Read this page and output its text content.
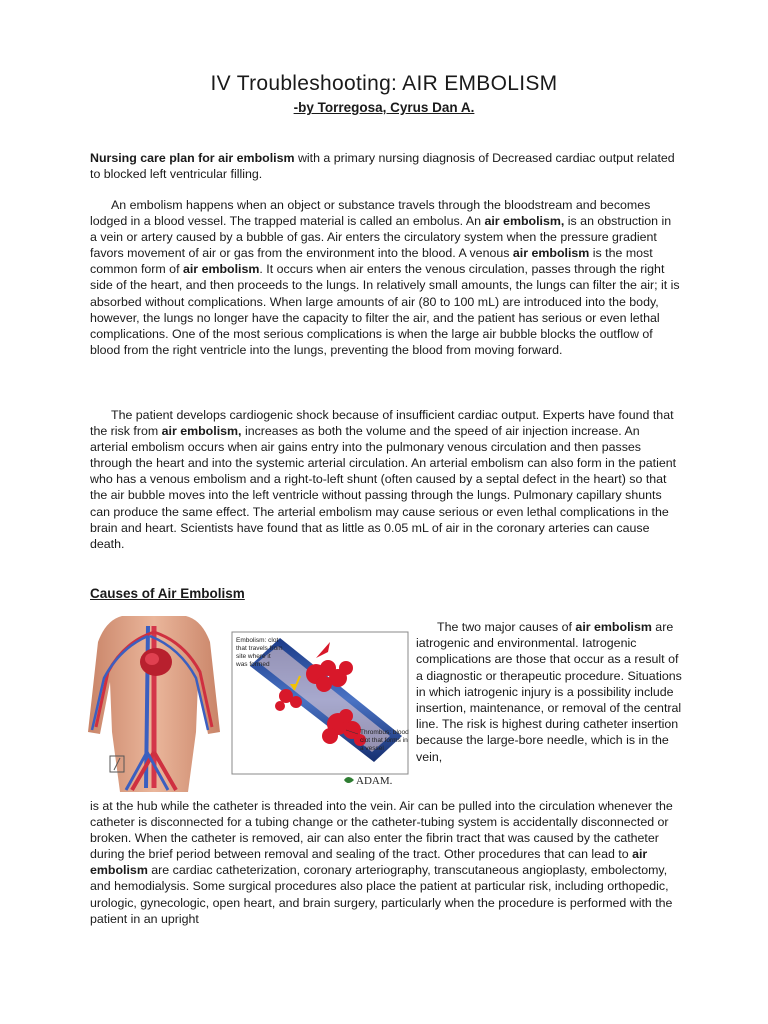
IV Troubleshooting: AIR EMBOLISM

-by Torregosa, Cyrus Dan A.

Nursing care plan for air embolism with a primary nursing diagnosis of Decreased cardiac output related to blocked left ventricular filling.

An embolism happens when an object or substance travels through the bloodstream and becomes lodged in a blood vessel. The trapped material is called an embolus. An air embolism, is an obstruction in a vein or artery caused by a bubble of gas. Air enters the circulatory system when the pressure gradient favors movement of air or gas from the environment into the blood. A venous air embolism is the most common form of air embolism. It occurs when air enters the venous circulation, passes through the right side of the heart, and then proceeds to the lungs. In relatively small amounts, the lungs can filter the air; it is absorbed without complications. When large amounts of air (80 to 100 mL) are introduced into the body, however, the lungs no longer have the capacity to filter the air, and the patient has serious or even lethal complications. One of the most serious complications is when the large air bubble blocks the outflow of blood from the right ventricle into the lungs, preventing the blood from moving forward.

The patient develops cardiogenic shock because of insufficient cardiac output. Experts have found that the risk from air embolism, increases as both the volume and the speed of air injection increase. An arterial embolism occurs when air gains entry into the pulmonary venous circulation and then passes through the heart and into the systemic arterial circulation. An arterial embolism can also form in the patient who has a venous embolism and a right-to-left shunt (often caused by a septal defect in the heart) so that the air bubble moves into the left ventricle without passing through the lungs. Pulmonary capillary shunts can produce the same effect. The arterial embolism may cause serious or even lethal complications in the brain and heart. Scientists have found that as little as 0.05 mL of air in the coronary arteries can cause death.

Causes of Air Embolism
Embolism: clot that travels from site where it was formed
Thrombus: blood clot that forms in a vessel
ADAM.

The two major causes of air embolism are iatrogenic and environmental. Iatrogenic complications are those that occur as a result of a diagnostic or therapeutic procedure. Situations in which iatrogenic injury is a possibility include insertion, maintenance, or removal of the central line. The risk is highest during catheter insertion because the large-bore needle, which is in the vein,

is at the hub while the catheter is threaded into the vein. Air can be pulled into the circulation whenever the catheter is disconnected for a tubing change or the catheter-tubing system is accidentally disconnected or broken. When the catheter is removed, air can also enter the fibrin tract that was caused by the catheter during the brief period between removal and sealing of the tract. Other procedures that can lead to air embolism are cardiac catheterization, coronary arteriography, transcutaneous angioplasty, embolectomy, and hemodialysis. Some surgical procedures also place the patient at particular risk, including orthopedic, urologic, gynecologic, open heart, and brain surgery, particularly when the procedure is performed with the patient in an upright
